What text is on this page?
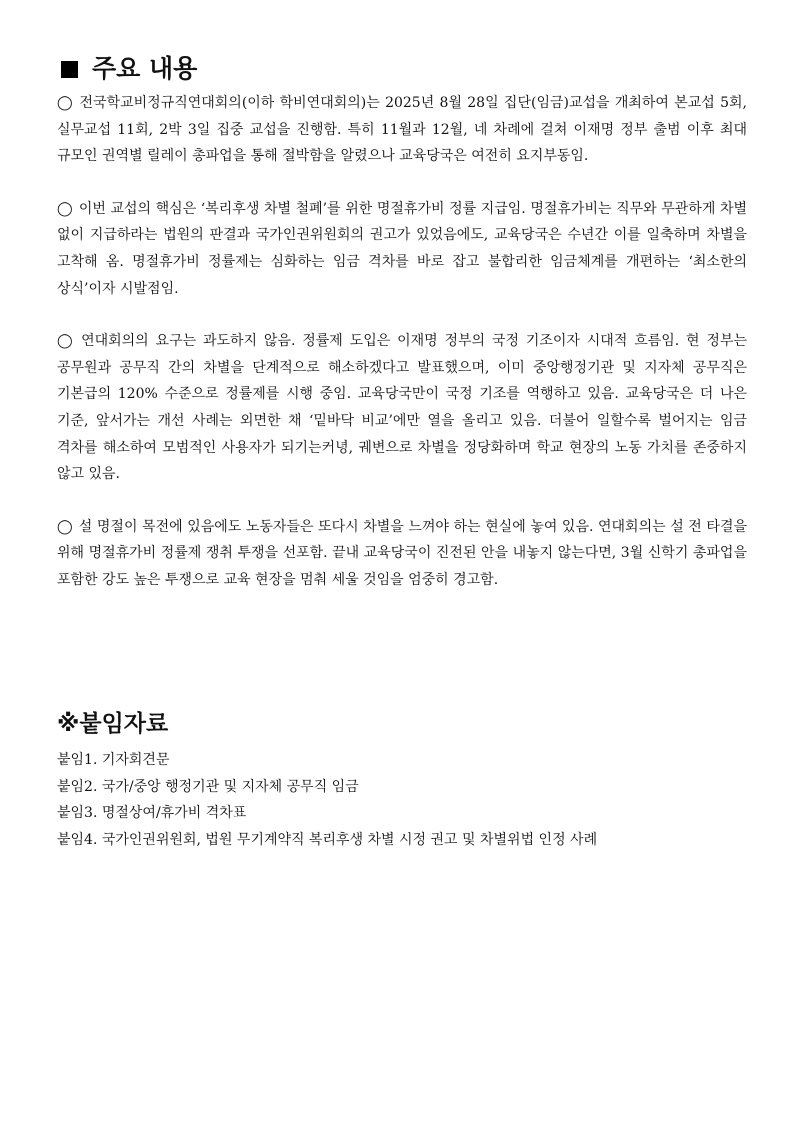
주요 내용

◯ 전국학교비정규직연대회의(이하 학비연대회의)는 2025년 8월 28일 집단(임금)교섭을 개최하여 본교섭 5회, 실무교섭 11회, 2박 3일 집중 교섭을 진행함. 특히 11월과 12월, 네 차례에 걸쳐 이재명 정부 출범 이후 최대 규모인 권역별 릴레이 총파업을 통해 절박함을 알렸으나 교육당국은 여전히 요지부동임.

◯ 이번 교섭의 핵심은 ‘복리후생 차별 철폐’를 위한 명절휴가비 정률 지급임. 명절휴가비는 직무와 무관하게 차별 없이 지급하라는 법원의 판결과 국가인권위원회의 권고가 있었음에도, 교육당국은 수년간 이를 일축하며 차별을 고착해 옴. 명절휴가비 정률제는 심화하는 임금 격차를 바로 잡고 불합리한 임금체계를 개편하는 ‘최소한의 상식’이자 시발점임.

◯ 연대회의의 요구는 과도하지 않음. 정률제 도입은 이재명 정부의 국정 기조이자 시대적 흐름임. 현 정부는 공무원과 공무직 간의 차별을 단계적으로 해소하겠다고 발표했으며, 이미 중앙행정기관 및 지자체 공무직은 기본급의 120% 수준으로 정률제를 시행 중임. 교육당국만이 국정 기조를 역행하고 있음. 교육당국은 더 나은 기준, 앞서가는 개선 사례는 외면한 채 ‘밑바닥 비교’에만 열을 올리고 있음. 더불어 일할수록 벌어지는 임금 격차를 해소하여 모범적인 사용자가 되기는커녕, 궤변으로 차별을 정당화하며 학교 현장의 노동 가치를 존중하지 않고 있음.

◯ 설 명절이 목전에 있음에도 노동자들은 또다시 차별을 느껴야 하는 현실에 놓여 있음. 연대회의는 설 전 타결을 위해 명절휴가비 정률제 쟁취 투쟁을 선포함. 끝내 교육당국이 진전된 안을 내놓지 않는다면, 3월 신학기 총파업을 포함한 강도 높은 투쟁으로 교육 현장을 멈춰 세울 것임을 엄중히 경고함.

※붙임자료
붙임1. 기자회견문
붙임2. 국가/중앙 행정기관 및 지자체 공무직 임금
붙임3. 명절상여/휴가비 격차표
붙임4. 국가인권위원회, 법원 무기계약직 복리후생 차별 시정 권고 및 차별위법 인정 사례
